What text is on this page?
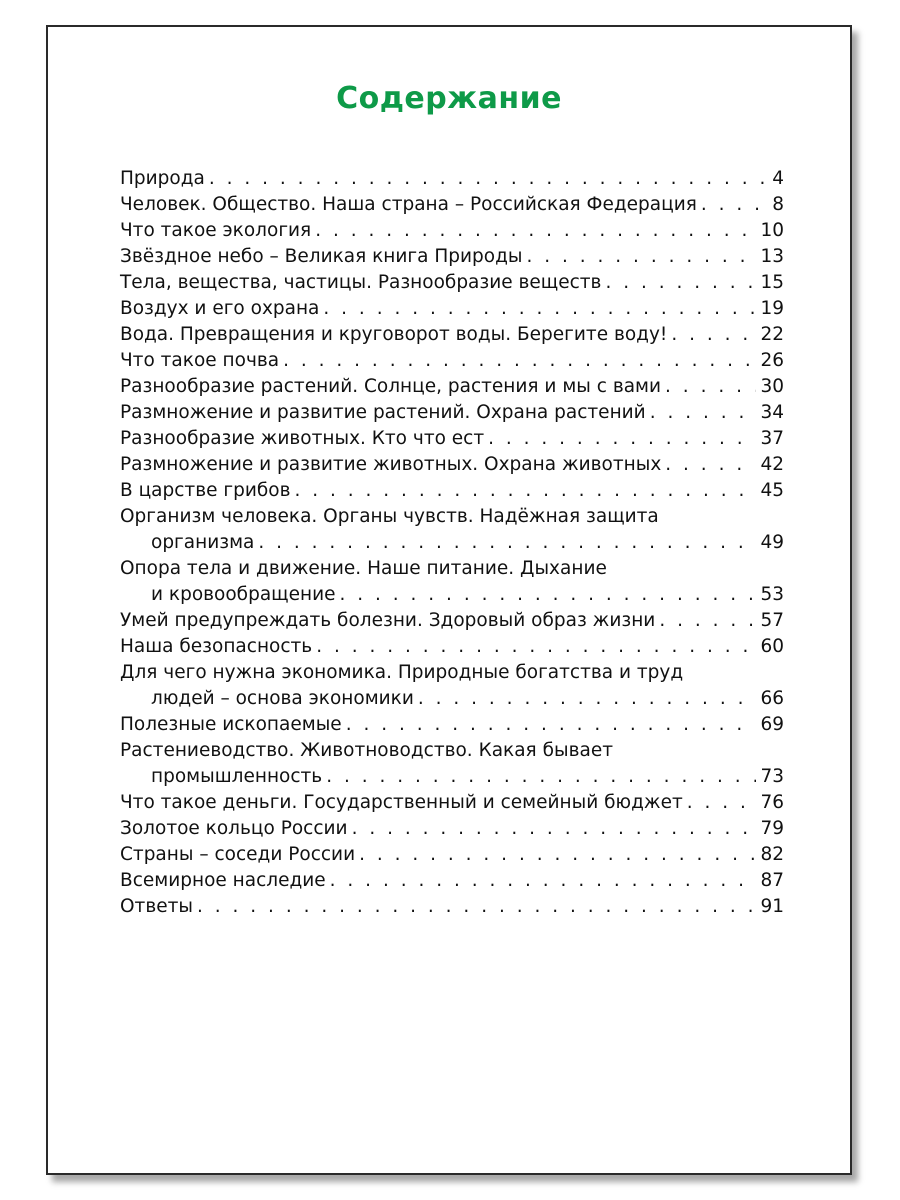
Содержание
Природа . . .	4
Человек. Общество. Наша страна – Российская Федерация . . .	8
Что такое экология . . .	10
Звёздное небо – Великая книга Природы . . .	13
Тела, вещества, частицы. Разнообразие веществ . . .	15
Воздух и его охрана . . .	19
Вода. Превращения и круговорот воды. Берегите воду! . . .	22
Что такое почва . . .	26
Разнообразие растений. Солнце, растения и мы с вами . . .	30
Размножение и развитие растений. Охрана растений . . .	34
Разнообразие животных. Кто что ест . . .	37
Размножение и развитие животных. Охрана животных . . .	42
В царстве грибов . . .	45
Организм человека. Органы чувств. Надёжная защита
организма . . .	49
Опора тела и движение. Наше питание. Дыхание
и кровообращение . . .	53
Умей предупреждать болезни. Здоровый образ жизни . . .	57
Наша безопасность . . .	60
Для чего нужна экономика. Природные богатства и труд
людей – основа экономики . . .	66
Полезные ископаемые . . .	69
Растениеводство. Животноводство. Какая бывает
промышленность . . .	73
Что такое деньги. Государственный и семейный бюджет . . .	76
Золотое кольцо России . . .	79
Страны – соседи России . . .	82
Всемирное наследие . . .	87
Ответы . . .	91
